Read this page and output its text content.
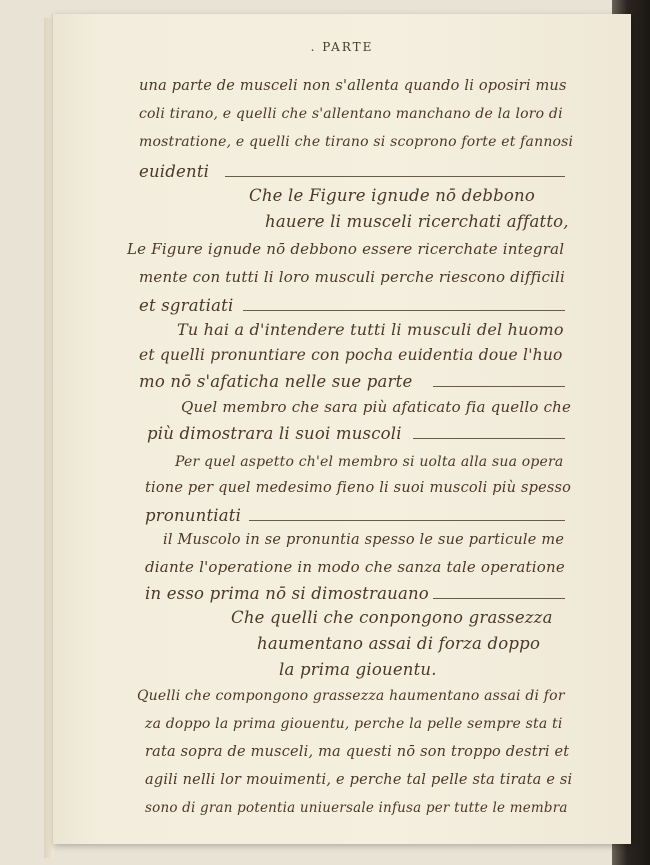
. PARTE
una parte de musceli non s'allenta quando li oposiri mus
coli tirano, e quelli che s'allentano manchano de la loro di
mostratione, e quelli che tirano si scoprono forte et fannosi
euidenti
Che le Figure ignude nō debbono
hauere li musceli ricerchati affatto,
Le Figure ignude nō debbono essere ricerchate integral
mente con tutti li loro musculi perche riescono difficili
et sgratiati
Tu hai a d'intendere tutti li musculi del huomo
et quelli pronuntiare con pocha euidentia doue l'huo
mo nō s'afaticha nelle sue parte
Quel membro che sara più afaticato fia quello che
più dimostrara li suoi muscoli
Per quel aspetto ch'el membro si uolta alla sua opera
tione per quel medesimo fieno li suoi muscoli più spesso
pronuntiati
il Muscolo in se pronuntia spesso le sue particule me
diante l'operatione in modo che sanza tale operatione
in esso prima nō si dimostrauano
Che quelli che conpongono grassezza
haumentano assai di forza doppo
la prima giouentu.
Quelli che compongono grassezza haumentano assai di for
za doppo la prima giouentu, perche la pelle sempre sta ti
rata sopra de musceli, ma questi nō son troppo destri et
agili nelli lor mouimenti, e perche tal pelle sta tirata e si
sono di gran potentia uniuersale infusa per tutte le membra
